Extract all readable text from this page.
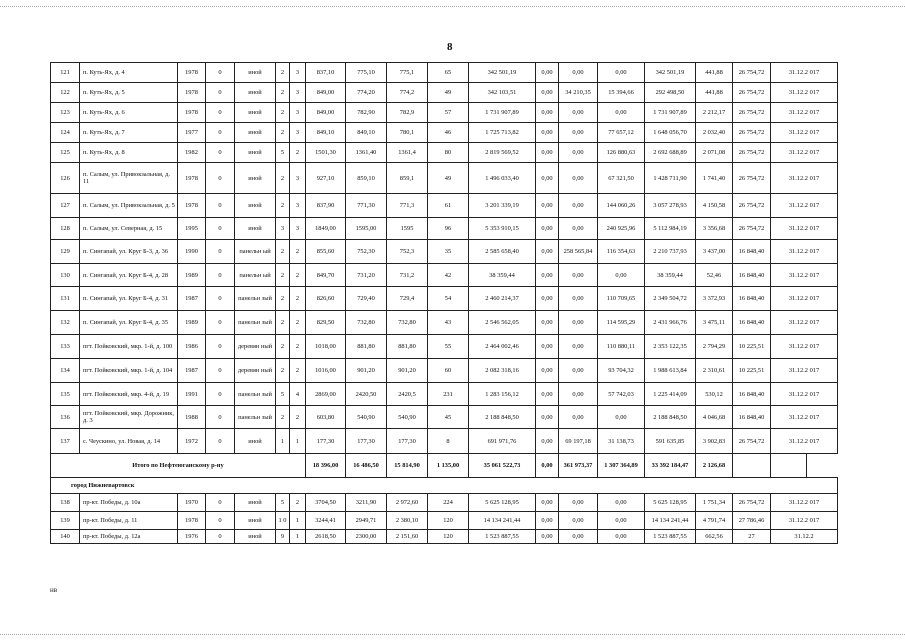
8
121	п. Куть-Ях, д. 4	1978	0	иной	2	3	837,10	775,10	775,1	65	342 501,19	0,00	0,00	0,00	342 501,19	441,88	26 754,72	31.12.2 017
122	п. Куть-Ях, д. 5	1978	0	иной	2	3	849,00	774,20	774,2	49	342 103,51	0,00	34 210,35	15 394,66	292 498,50	441,88	26 754,72	31.12.2 017
123	п. Куть-Ях, д. 6	1978	0	иной	2	3	849,00	782,90	782,9	57	1 731 907,89	0,00	0,00	0,00	1 731 907,89	2 212,17	26 754,72	31.12.2 017
124	п. Куть-Ях, д. 7	1977	0	иной	2	3	849,10	849,10	780,1	46	1 725 713,82	0,00	0,00	77 657,12	1 648 056,70	2 032,40	26 754,72	31.12.2 017
125	п. Куть-Ях, д. 8	1982	0	иной	5	2	1501,30	1361,40	1361,4	80	2 819 569,52	0,00	0,00	126 880,63	2 692 688,89	2 071,08	26 754,72	31.12.2 017
126	п. Салым, ул. Привокзальная, д. 11	1978	0	иной	2	3	927,10	859,10	859,1	49	1 496 033,40	0,00	0,00	67 321,50	1 428 711,90	1 741,40	26 754,72	31.12.2 017
127	п. Салым, ул. Привокзальная, д. 5	1978	0	иной	2	3	837,90	771,30	771,3	61	3 201 339,19	0,00	0,00	144 060,26	3 057 278,93	4 150,58	26 754,72	31.12.2 017
128	п. Салым, ул. Северная, д. 15	1995	0	иной	3	3	1849,00	1595,00	1595	96	5 353 910,15	0,00	0,00	240 925,96	5 112 984,19	3 356,68	26 754,72	31.12.2 017
129	п. Сингапай, ул. Круг Б-3, д. 36	1990	0	панельн ый	2	2	855,60	752,30	752,3	35	2 585 658,40	0,00	258 565,84	116 354,63	2 210 737,93	3 437,00	16 848,40	31.12.2 017
130	п. Сингапай, ул. Круг Б-4, д. 28	1989	0	панельн ый	2	2	849,70	731,20	731,2	42	38 359,44	0,00	0,00	0,00	38 359,44	52,46	16 848,40	31.12.2 017
131	п. Сингапай, ул. Круг Б-4, д. 31	1987	0	панельн зый	2	2	826,60	729,40	729,4	54	2 460 214,37	0,00	0,00	110 709,65	2 349 504,72	3 372,93	16 848,40	31.12.2 017
132	п. Сингапай, ул. Круг Б-4, д. 35	1989	0	панельн зый	2	2	829,50	732,80	732,80	43	2 546 562,05	0,00	0,00	114 595,29	2 431 966,76	3 475,11	16 848,40	31.12.2 017
133	пгт. Пойковский, мкр. 1-й, д. 100	1986	0	деревян ный	2	2	1018,00	881,80	881,80	55	2 464 002,46	0,00	0,00	110 880,11	2 353 122,35	2 794,29	10 225,51	31.12.2 017
134	пгт. Пойковский, мкр. 1-й, д. 104	1987	0	деревян ный	2	2	1016,00	901,20	901,20	60	2 082 318,16	0,00	0,00	93 704,32	1 988 613,84	2 310,61	10 225,51	31.12.2 017
135	пгт. Пойковский, мкр. 4-й, д. 19	1991	0	панельн зый	5	4	2869,00	2420,50	2420,5	231	1 283 156,12	0,00	0,00	57 742,03	1 225 414,09	530,12	16 848,40	31.12.2 017
136	пгт. Пойковский, мкр. Дорожник, д. 3	1988	0	панельн зый	2	2	603,80	540,90	540,90	45	2 188 848,50	0,00	0,00	0,00	2 188 848,50	4 046,68	16 848,40	31.12.2 017
137	с. Чеускино, ул. Новая, д. 14	1972	0	иной	1	1	177,30	177,30	177,30	8	691 971,76	0,00	69 197,18	31 138,73	591 635,85	3 902,83	26 754,72	31.12.2 017
Итого по Нефтеюганскому р-ну							18 396,00	16 486,50	15 814,90	1 135,00	35 061 522,73	0,00	361 973,37	1 307 364,89	33 392 184,47	2 126,68		
город Нижневартовск																		
138	пр-кт. Победы, д. 10а	1970	0	иной	5	2	3704,50	3211,90	2 972,60	224	5 625 128,95	0,00	0,00	0,00	5 625 128,95	1 751,34	26 754,72	31.12.2 017
139	пр-кт. Победы, д. 11	1978	0	иной	1 0	1	3244,41	2949,71	2 380,10	120	14 134 241,44	0,00	0,00	0,00	14 134 241,44	4 791,74	27 786,46	31.12.2 017
140	пр-кт. Победы, д. 12а	1976	0	иной	9	1	2618,50	2300,00	2 151,60	120	1 523 887,55	0,00	0,00	0,00	1 523 887,55	662,56	27	31.12.2
нв
